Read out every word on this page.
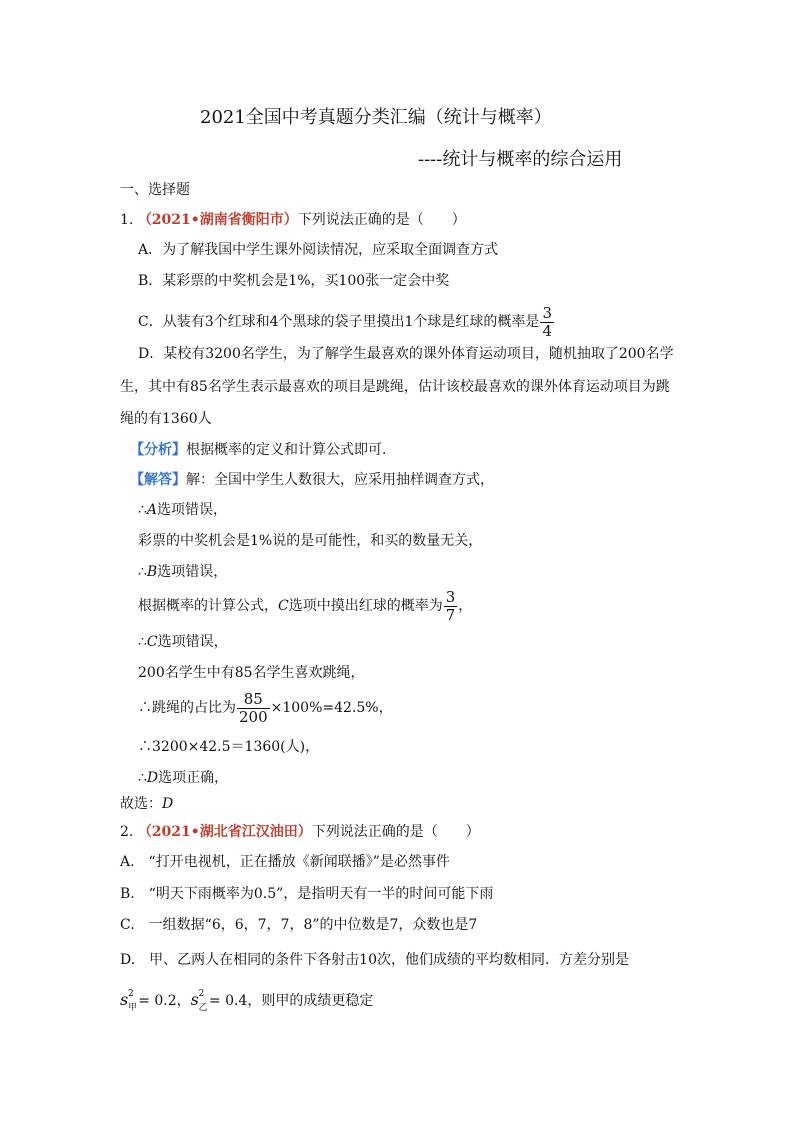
2021全国中考真题分类汇编（统计与概率）
----统计与概率的综合运用
一、选择题
1. （2021•湖南省衡阳市）下列说法正确的是（　　）
A．为了解我国中学生课外阅读情况，应采取全面调查方式
B．某彩票的中奖机会是1%，买100张一定会中奖
C．从装有3个红球和4个黑球的袋子里摸出1个球是红球的概率是 $\frac{3}{4}$
D．某校有3200名学生，为了解学生最喜欢的课外体育运动项目，随机抽取了200名学
生，其中有85名学生表示最喜欢的项目是跳绳，估计该校最喜欢的课外体育运动项目为跳
绳的有1360人
【分析】根据概率的定义和计算公式即可．
【解答】解：全国中学生人数很大，应采用抽样调查方式，
∴A选项错误，
彩票的中奖机会是1%说的是可能性，和买的数量无关，
∴B选项错误，
根据概率的计算公式，C选项中摸出红球的概率为 $\frac{3}{7}$ ，
∴C选项错误，
200名学生中有85名学生喜欢跳绳，
∴跳绳的占比为 $\frac{85}{200} \times 100\%=42.5\%$，
∴3200×42.5＝1360(人)，
∴D选项正确，
故选：D
2. （2021•湖北省江汉油田）下列说法正确的是（　　）
A.　“打开电视机，正在播放《新闻联播》”是必然事件
B.　“明天下雨概率为0.5”，是指明天有一半的时间可能下雨
C.　一组数据“6，6，7，7，8”的中位数是7，众数也是7
D.　甲、乙两人在相同的条件下各射击10次，他们成绩的平均数相同．方差分别是
s 2
甲 = 0.2，s 2
乙 = 0.4，则甲的成绩更稳定
